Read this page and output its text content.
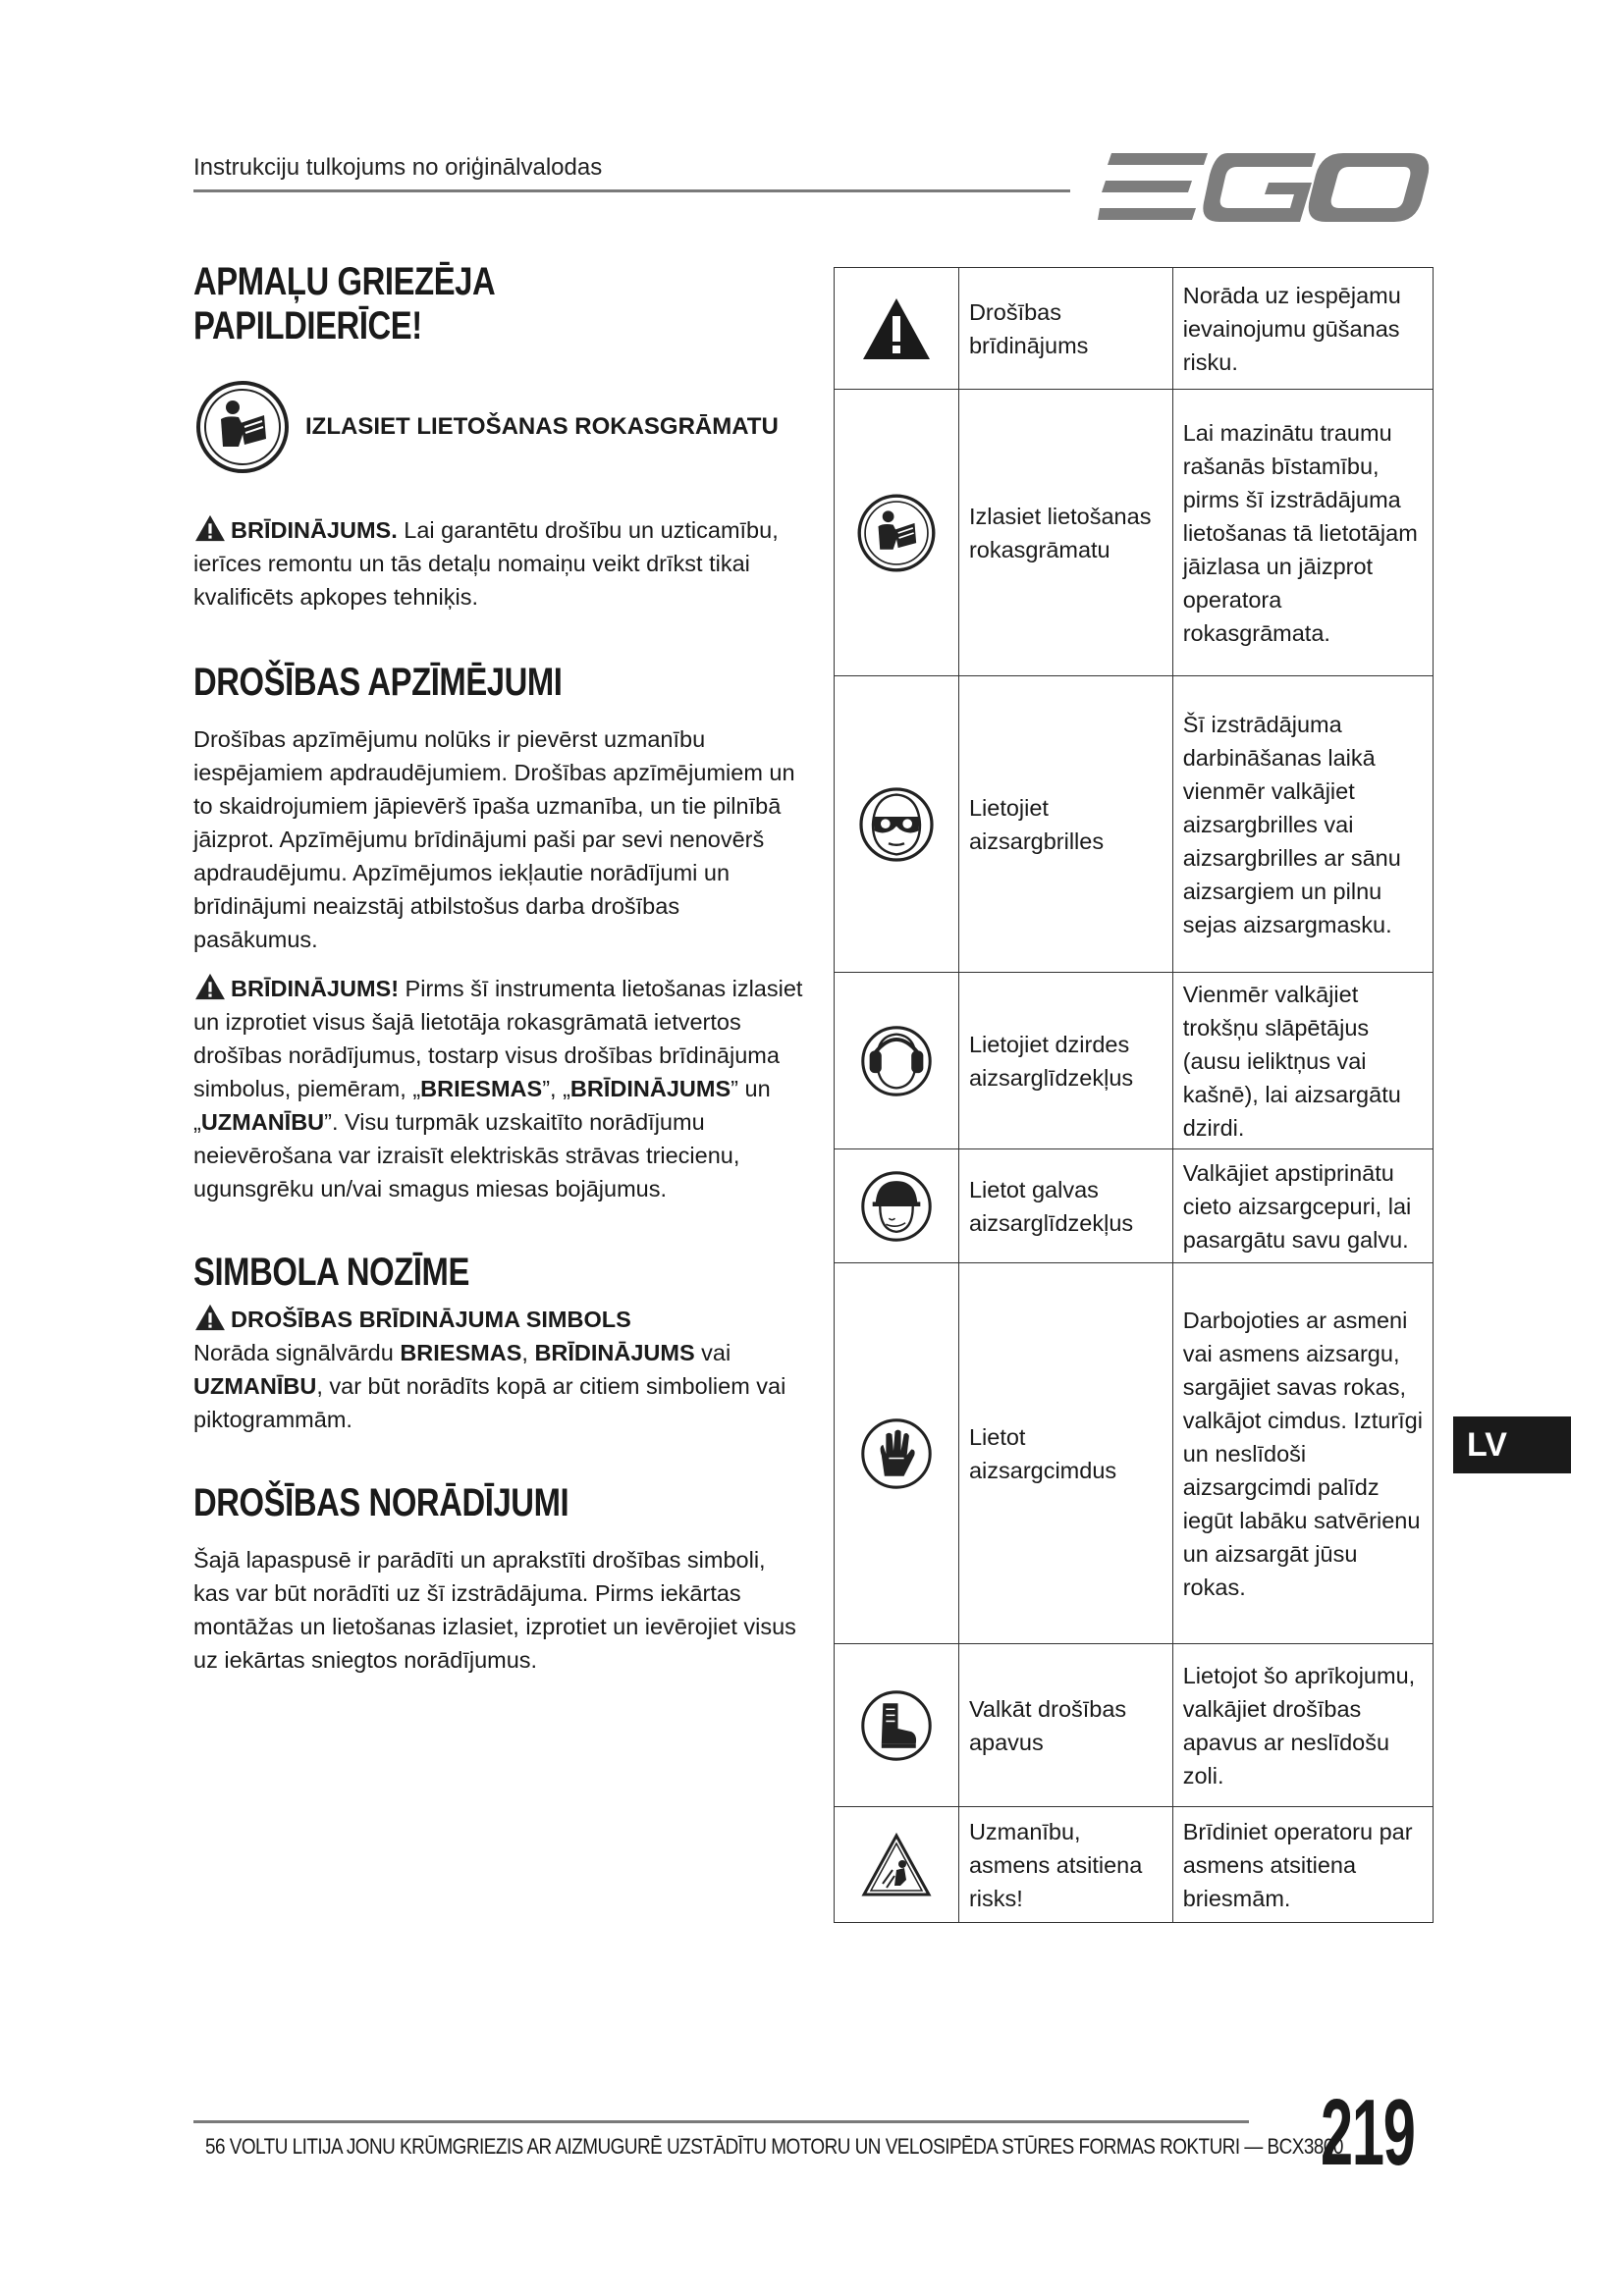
Instrukciju tulkojums no oriģinālvalodas
APMAĻU GRIEZĒJA PAPILDIERĪCE!
IZLASIET LIETOŠANAS ROKASGRĀMATU

BRĪDINĀJUMS. Lai garantētu drošību un uzticamību, ierīces remontu un tās detaļu nomaiņu veikt drīkst tikai kvalificēts apkopes tehniķis.

DROŠĪBAS APZĪMĒJUMI

Drošības apzīmējumu nolūks ir pievērst uzmanību iespējamiem apdraudējumiem. Drošības apzīmējumiem un to skaidrojumiem jāpievērš īpaša uzmanība, un tie pilnībā jāizprot. Apzīmējumu brīdinājumi paši par sevi nenovērš apdraudējumu. Apzīmējumos iekļautie norādījumi un brīdinājumi neaizstāj atbilstošus darba drošības pasākumus.

BRĪDINĀJUMS! Pirms šī instrumenta lietošanas izlasiet un izprotiet visus šajā lietotāja rokasgrāmatā ietvertos drošības norādījumus, tostarp visus drošības brīdinājuma simbolus, piemēram, „BRIESMAS”, „BRĪDINĀJUMS” un „UZMANĪBU”. Visu turpmāk uzskaitīto norādījumu neievērošana var izraisīt elektriskās strāvas triecienu, ugunsgrēku un/vai smagus miesas bojājumus.

SIMBOLA NOZĪME

DROŠĪBAS BRĪDINĀJUMA SIMBOLS
Norāda signālvārdu BRIESMAS, BRĪDINĀJUMS vai UZMANĪBU, var būt norādīts kopā ar citiem simboliem vai piktogrammām.

DROŠĪBAS NORĀDĪJUMI

Šajā lapaspusē ir parādīti un aprakstīti drošības simboli, kas var būt norādīti uz šī izstrādājuma. Pirms iekārtas montāžas un lietošanas izlasiet, izprotiet un ievērojiet visus uz iekārtas sniegtos norādījumus.

	Drošības brīdinājums	Norāda uz iespējamu ievainojumu gūšanas risku.

	Izlasiet lietošanas rokasgrāmatu	Lai mazinātu traumu rašanās bīstamību, pirms šī izstrādājuma lietošanas tā lietotājam jāizlasa un jāizprot operatora rokasgrāmata.

	Lietojiet aizsargbrilles	Šī izstrādājuma darbināšanas laikā vienmēr valkājiet aizsargbrilles vai aizsargbrilles ar sānu aizsargiem un pilnu sejas aizsargmasku.

	Lietojiet dzirdes aizsarglīdzekļus	Vienmēr valkājiet trokšņu slāpētājus (ausu ieliktņus vai kašnē), lai aizsargātu dzirdi.

	Lietot galvas aizsarglīdzekļus	Valkājiet apstiprinātu cieto aizsargcepuri, lai pasargātu savu galvu.

	Lietot aizsargcimdus	Darbojoties ar asmeni vai asmens aizsargu, sargājiet savas rokas, valkājot cimdus. Izturīgi un neslīdoši aizsargcimdi palīdz iegūt labāku satvērienu un aizsargāt jūsu rokas.

	Valkāt drošības apavus	Lietojot šo aprīkojumu, valkājiet drošības apavus ar neslīdošu zoli.

	Uzmanību, asmens atsitiena risks!	Brīdiniet operatoru par asmens atsitiena briesmām.
LV
56 VOLTU LITIJA JONU KRŪMGRIEZIS AR AIZMUGURĒ UZSTĀDĪTU MOTORU UN VELOSIPĒDA STŪRES FORMAS ROKTURI — BCX3800
219
